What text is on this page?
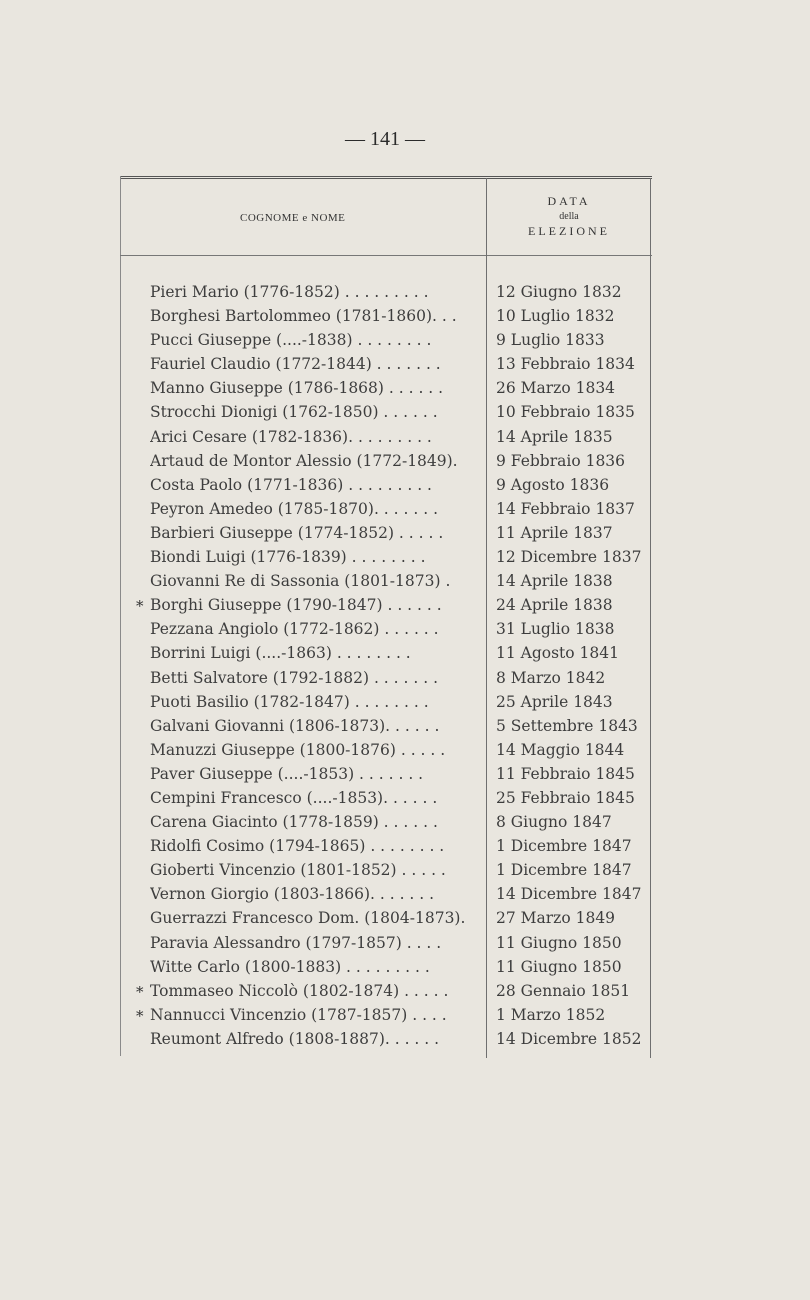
— 141 —
COGNOME e NOME
DATA
della
ELEZIONE
Pieri Mario (1776-1852) . . . . . . . . .	12 Giugno 1832
Borghesi Bartolommeo (1781-1860). . .	10 Luglio 1832
Pucci Giuseppe (....-1838) . . . . . . . .	9 Luglio 1833
Fauriel Claudio (1772-1844) . . . . . . .	13 Febbraio 1834
Manno Giuseppe (1786-1868) . . . . . .	26 Marzo 1834
Strocchi Dionigi (1762-1850) . . . . . .	10 Febbraio 1835
Arici Cesare (1782-1836). . . . . . . . .	14 Aprile 1835
Artaud de Montor Alessio (1772-1849).	9 Febbraio 1836
Costa Paolo (1771-1836) . . . . . . . . .	9 Agosto 1836
Peyron Amedeo (1785-1870). . . . . . .	14 Febbraio 1837
Barbieri Giuseppe (1774-1852) . . . . .	11 Aprile 1837
Biondi Luigi (1776-1839) . . . . . . . .	12 Dicembre 1837
Giovanni Re di Sassonia (1801-1873) .	14 Aprile 1838
* Borghi Giuseppe (1790-1847) . . . . . .	24 Aprile 1838
Pezzana Angiolo (1772-1862) . . . . . .	31 Luglio 1838
Borrini Luigi (....-1863) . . . . . . . .	11 Agosto 1841
Betti Salvatore (1792-1882) . . . . . . .	8 Marzo 1842
Puoti Basilio (1782-1847) . . . . . . . .	25 Aprile 1843
Galvani Giovanni (1806-1873). . . . . .	5 Settembre 1843
Manuzzi Giuseppe (1800-1876) . . . . .	14 Maggio 1844
Paver Giuseppe (....-1853) . . . . . . .	11 Febbraio 1845
Cempini Francesco (....-1853). . . . . .	25 Febbraio 1845
Carena Giacinto (1778-1859) . . . . . .	8 Giugno 1847
Ridolfi Cosimo (1794-1865) . . . . . . . .	1 Dicembre 1847
Gioberti Vincenzio (1801-1852) . . . . .	1 Dicembre 1847
Vernon Giorgio (1803-1866). . . . . . .	14 Dicembre 1847
Guerrazzi Francesco Dom. (1804-1873).	27 Marzo 1849
Paravia Alessandro (1797-1857) . . . .	11 Giugno 1850
Witte Carlo (1800-1883) . . . . . . . . .	11 Giugno 1850
* Tommaseo Niccolò (1802-1874) . . . . .	28 Gennaio 1851
* Nannucci Vincenzio (1787-1857) . . . .	1 Marzo 1852
Reumont Alfredo (1808-1887). . . . . .	14 Dicembre 1852
